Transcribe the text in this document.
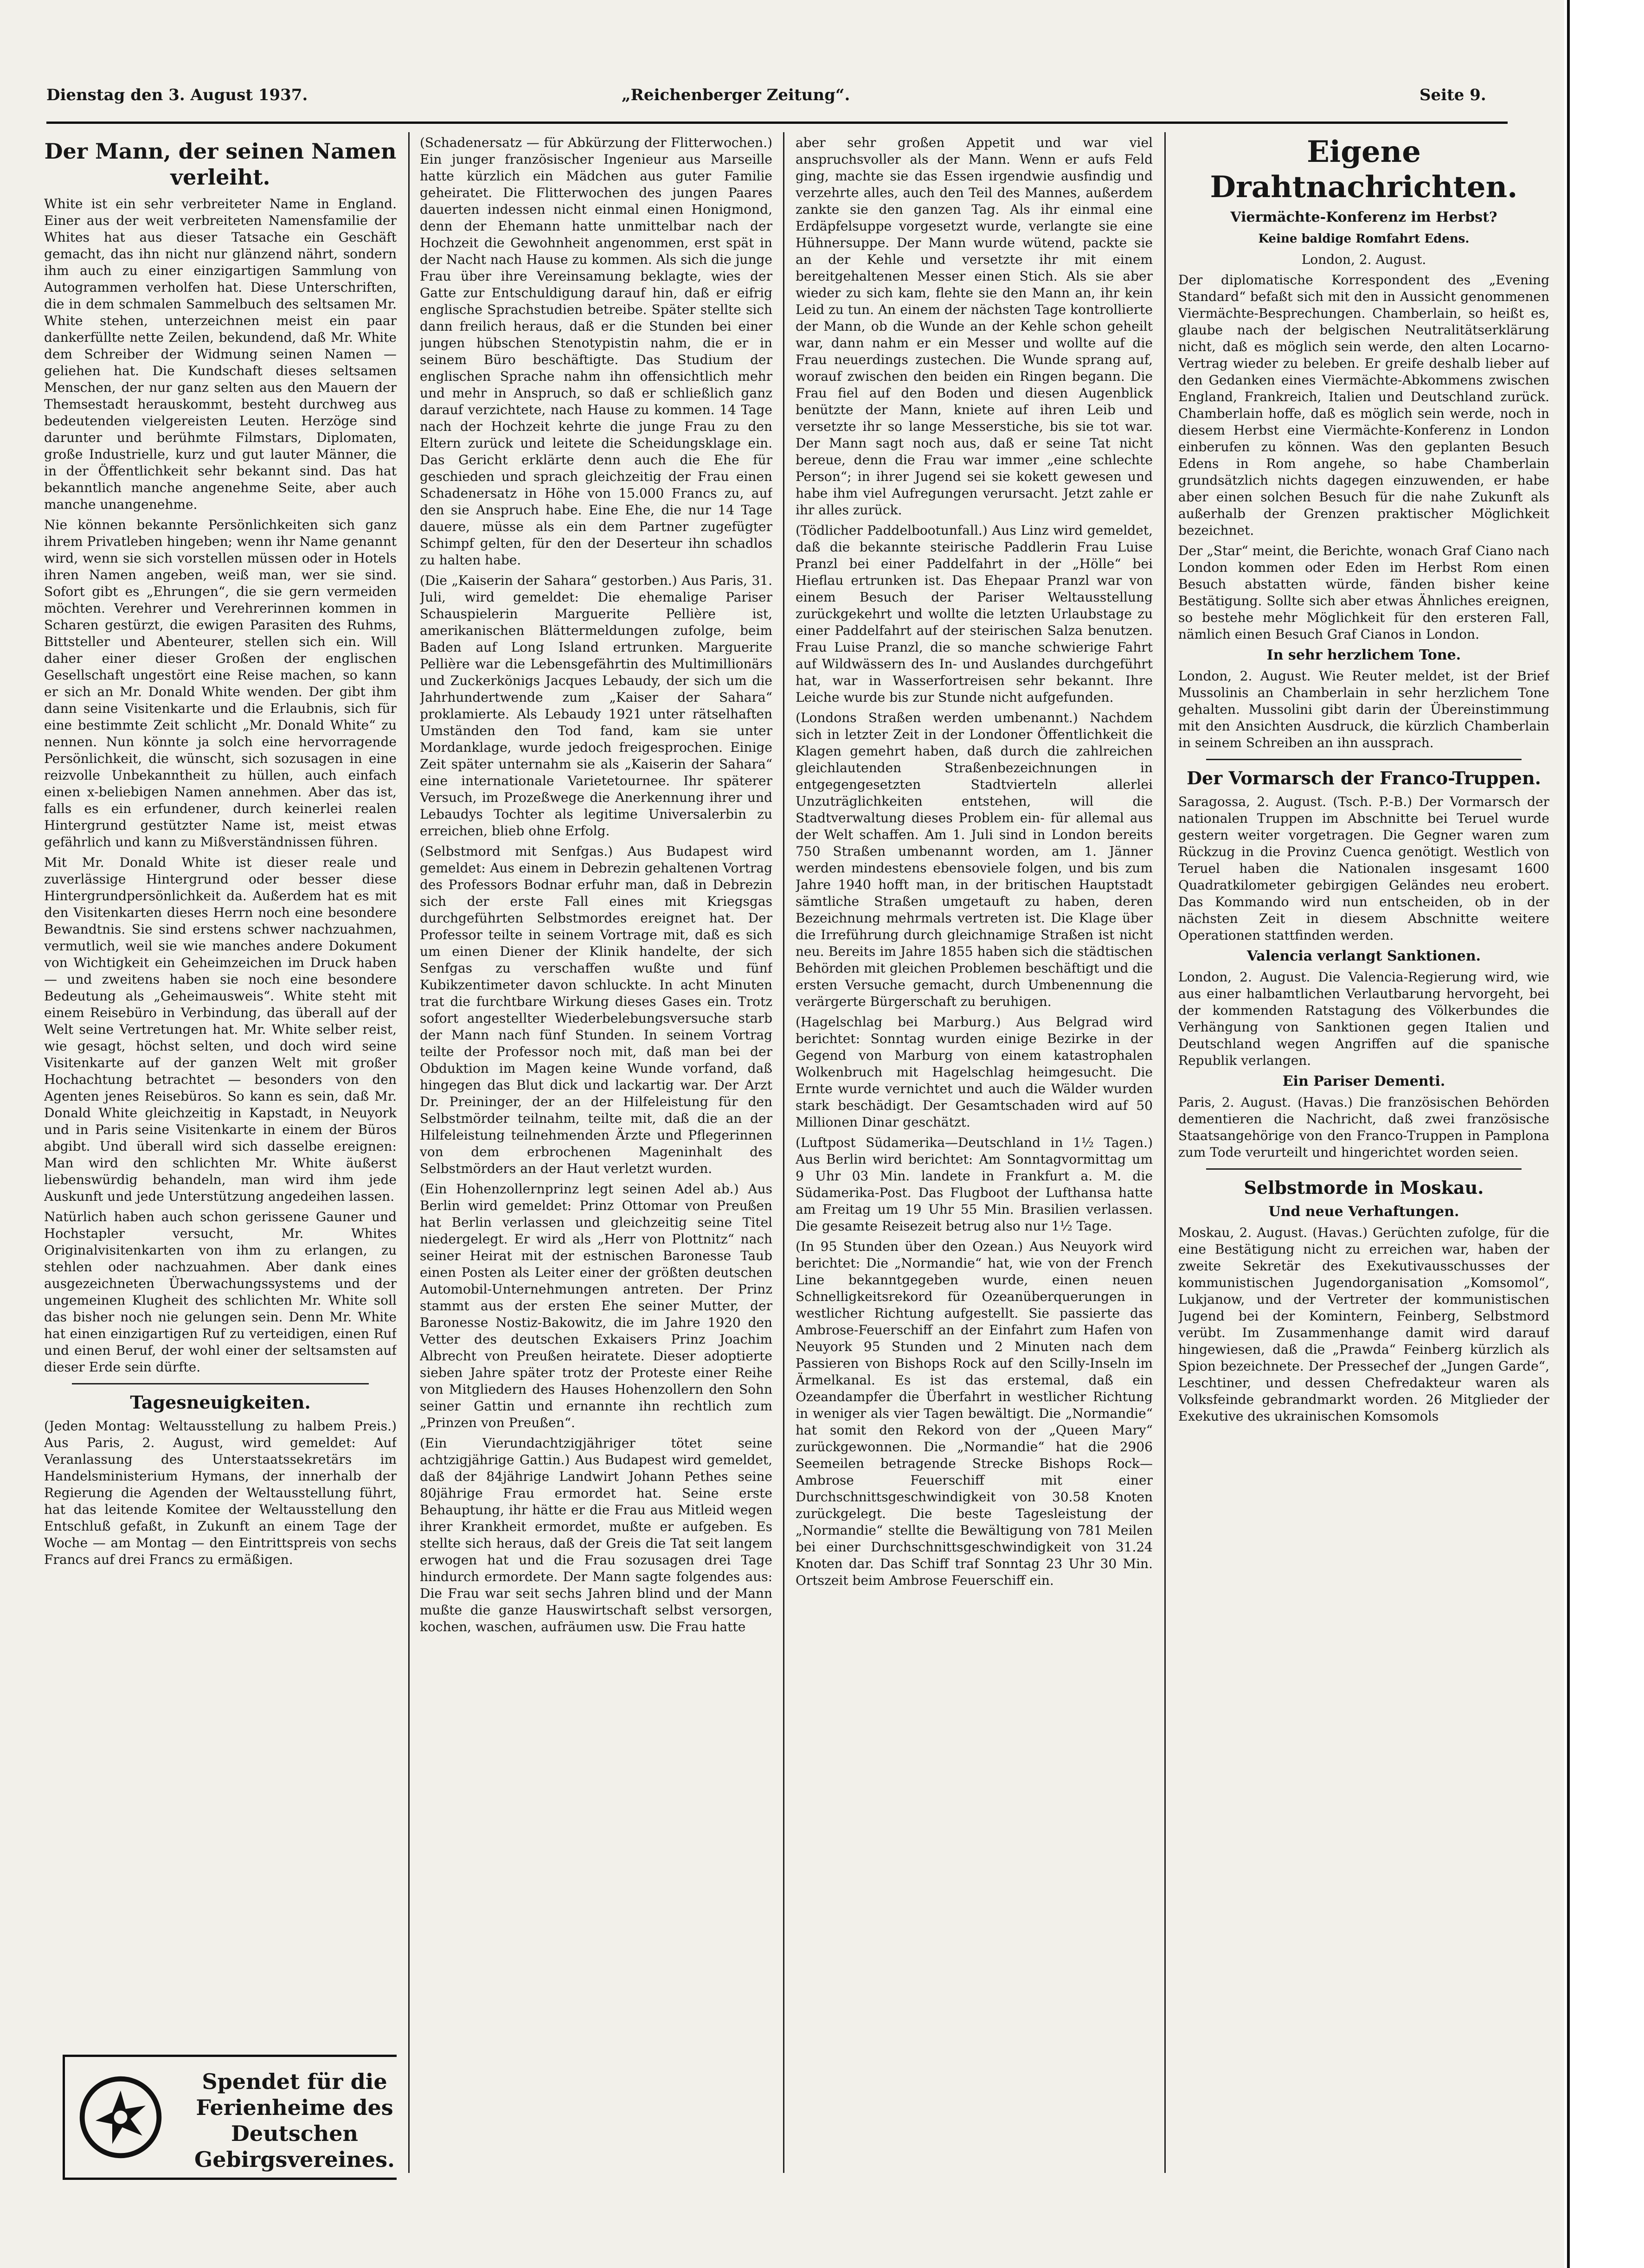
Dienstag den 3. August 1937.	„Reichenberger Zeitung“.	Seite 9.
Der Mann, der seinen Namen verleiht.

White ist ein sehr verbreiteter Name in England. Einer aus der weit verbreiteten Namensfamilie der Whites hat aus dieser Tatsache ein Geschäft gemacht, das ihn nicht nur glänzend nährt, sondern ihm auch zu einer einzigartigen Sammlung von Autogrammen verholfen hat. Diese Unterschriften, die in dem schmalen Sammelbuch des seltsamen Mr. White stehen, unterzeichnen meist ein paar dankerfüllte nette Zeilen, bekundend, daß Mr. White dem Schreiber der Widmung seinen Namen — geliehen hat. Die Kundschaft dieses seltsamen Menschen, der nur ganz selten aus den Mauern der Themsestadt herauskommt, besteht durchweg aus bedeutenden vielgereisten Leuten. Herzöge sind darunter und berühmte Filmstars, Diplomaten, große Industrielle, kurz und gut lauter Männer, die in der Öffentlichkeit sehr bekannt sind. Das hat bekanntlich manche angenehme Seite, aber auch manche unangenehme.

Nie können bekannte Persönlichkeiten sich ganz ihrem Privatleben hingeben; wenn ihr Name genannt wird, wenn sie sich vorstellen müssen oder in Hotels ihren Namen angeben, weiß man, wer sie sind. Sofort gibt es „Ehrungen“, die sie gern vermeiden möchten. Verehrer und Verehrerinnen kommen in Scharen gestürzt, die ewigen Parasiten des Ruhms, Bittsteller und Abenteurer, stellen sich ein. Will daher einer dieser Großen der englischen Gesellschaft ungestört eine Reise machen, so kann er sich an Mr. Donald White wenden. Der gibt ihm dann seine Visitenkarte und die Erlaubnis, sich für eine bestimmte Zeit schlicht „Mr. Donald White“ zu nennen. Nun könnte ja solch eine hervorragende Persönlichkeit, die wünscht, sich sozusagen in eine reizvolle Unbekanntheit zu hüllen, auch einfach einen x-beliebigen Namen annehmen. Aber das ist, falls es ein erfundener, durch keinerlei realen Hintergrund gestützter Name ist, meist etwas gefährlich und kann zu Mißverständnissen führen.

Mit Mr. Donald White ist dieser reale und zuverlässige Hintergrund oder besser diese Hintergrundpersönlichkeit da. Außerdem hat es mit den Visitenkarten dieses Herrn noch eine besondere Bewandtnis. Sie sind erstens schwer nachzuahmen, vermutlich, weil sie wie manches andere Dokument von Wichtigkeit ein Geheimzeichen im Druck haben — und zweitens haben sie noch eine besondere Bedeutung als „Geheimausweis“. White steht mit einem Reisebüro in Verbindung, das überall auf der Welt seine Vertretungen hat. Mr. White selber reist, wie gesagt, höchst selten, und doch wird seine Visitenkarte auf der ganzen Welt mit großer Hochachtung betrachtet — besonders von den Agenten jenes Reisebüros. So kann es sein, daß Mr. Donald White gleichzeitig in Kapstadt, in Neuyork und in Paris seine Visitenkarte in einem der Büros abgibt. Und überall wird sich dasselbe ereignen: Man wird den schlichten Mr. White äußerst liebenswürdig behandeln, man wird ihm jede Auskunft und jede Unterstützung angedeihen lassen.

Natürlich haben auch schon gerissene Gauner und Hochstapler versucht, Mr. Whites Originalvisitenkarten von ihm zu erlangen, zu stehlen oder nachzuahmen. Aber dank eines ausgezeichneten Überwachungssystems und der ungemeinen Klugheit des schlichten Mr. White soll das bisher noch nie gelungen sein. Denn Mr. White hat einen einzigartigen Ruf zu verteidigen, einen Ruf und einen Beruf, der wohl einer der seltsamsten auf dieser Erde sein dürfte.

Tagesneuigkeiten.

(Jeden Montag: Weltausstellung zu halbem Preis.) Aus Paris, 2. August, wird gemeldet: Auf Veranlassung des Unterstaatssekretärs im Handelsministerium Hymans, der innerhalb der Regierung die Agenden der Weltausstellung führt, hat das leitende Komitee der Weltausstellung den Entschluß gefaßt, in Zukunft an einem Tage der Woche — am Montag — den Eintrittspreis von sechs Francs auf drei Francs zu ermäßigen.

Spendet für die Ferienheime des Deutschen Gebirgsvereines.

(Schadenersatz — für Abkürzung der Flitterwochen.) Ein junger französischer Ingenieur aus Marseille hatte kürzlich ein Mädchen aus guter Familie geheiratet. Die Flitterwochen des jungen Paares dauerten indessen nicht einmal einen Honigmond, denn der Ehemann hatte unmittelbar nach der Hochzeit die Gewohnheit angenommen, erst spät in der Nacht nach Hause zu kommen. Als sich die junge Frau über ihre Vereinsamung beklagte, wies der Gatte zur Entschuldigung darauf hin, daß er eifrig englische Sprachstudien betreibe. Später stellte sich dann freilich heraus, daß er die Stunden bei einer jungen hübschen Stenotypistin nahm, die er in seinem Büro beschäftigte. Das Studium der englischen Sprache nahm ihn offensichtlich mehr und mehr in Anspruch, so daß er schließlich ganz darauf verzichtete, nach Hause zu kommen. 14 Tage nach der Hochzeit kehrte die junge Frau zu den Eltern zurück und leitete die Scheidungsklage ein. Das Gericht erklärte denn auch die Ehe für geschieden und sprach gleichzeitig der Frau einen Schadenersatz in Höhe von 15.000 Francs zu, auf den sie Anspruch habe. Eine Ehe, die nur 14 Tage dauere, müsse als ein dem Partner zugefügter Schimpf gelten, für den der Deserteur ihn schadlos zu halten habe.

(Die „Kaiserin der Sahara“ gestorben.) Aus Paris, 31. Juli, wird gemeldet: Die ehemalige Pariser Schauspielerin Marguerite Pellière ist, amerikanischen Blättermeldungen zufolge, beim Baden auf Long Island ertrunken. Marguerite Pellière war die Lebensgefährtin des Multimillionärs und Zuckerkönigs Jacques Lebaudy, der sich um die Jahrhundertwende zum „Kaiser der Sahara“ proklamierte. Als Lebaudy 1921 unter rätselhaften Umständen den Tod fand, kam sie unter Mordanklage, wurde jedoch freigesprochen. Einige Zeit später unternahm sie als „Kaiserin der Sahara“ eine internationale Varietetournee. Ihr späterer Versuch, im Prozeßwege die Anerkennung ihrer und Lebaudys Tochter als legitime Universalerbin zu erreichen, blieb ohne Erfolg.

(Selbstmord mit Senfgas.) Aus Budapest wird gemeldet: Aus einem in Debrezin gehaltenen Vortrag des Professors Bodnar erfuhr man, daß in Debrezin sich der erste Fall eines mit Kriegsgas durchgeführten Selbstmordes ereignet hat. Der Professor teilte in seinem Vortrage mit, daß es sich um einen Diener der Klinik handelte, der sich Senfgas zu verschaffen wußte und fünf Kubikzentimeter davon schluckte. In acht Minuten trat die furchtbare Wirkung dieses Gases ein. Trotz sofort angestellter Wiederbelebungsversuche starb der Mann nach fünf Stunden. In seinem Vortrag teilte der Professor noch mit, daß man bei der Obduktion im Magen keine Wunde vorfand, daß hingegen das Blut dick und lackartig war. Der Arzt Dr. Preininger, der an der Hilfeleistung für den Selbstmörder teilnahm, teilte mit, daß die an der Hilfeleistung teilnehmenden Ärzte und Pflegerinnen von dem erbrochenen Mageninhalt des Selbstmörders an der Haut verletzt wurden.

(Ein Hohenzollernprinz legt seinen Adel ab.) Aus Berlin wird gemeldet: Prinz Ottomar von Preußen hat Berlin verlassen und gleichzeitig seine Titel niedergelegt. Er wird als „Herr von Plottnitz“ nach seiner Heirat mit der estnischen Baronesse Taub einen Posten als Leiter einer der größten deutschen Automobil-Unternehmungen antreten. Der Prinz stammt aus der ersten Ehe seiner Mutter, der Baronesse Nostiz-Bakowitz, die im Jahre 1920 den Vetter des deutschen Exkaisers Prinz Joachim Albrecht von Preußen heiratete. Dieser adoptierte sieben Jahre später trotz der Proteste einer Reihe von Mitgliedern des Hauses Hohenzollern den Sohn seiner Gattin und ernannte ihn rechtlich zum „Prinzen von Preußen“.

(Ein Vierundachtzigjähriger tötet seine achtzigjährige Gattin.) Aus Budapest wird gemeldet, daß der 84jährige Landwirt Johann Pethes seine 80jährige Frau ermordet hat. Seine erste Behauptung, ihr hätte er die Frau aus Mitleid wegen ihrer Krankheit ermordet, mußte er aufgeben. Es stellte sich heraus, daß der Greis die Tat seit langem erwogen hat und die Frau sozusagen drei Tage hindurch ermordete. Der Mann sagte folgendes aus: Die Frau war seit sechs Jahren blind und der Mann mußte die ganze Hauswirtschaft selbst versorgen, kochen, waschen, aufräumen usw. Die Frau hatte

aber sehr großen Appetit und war viel anspruchsvoller als der Mann. Wenn er aufs Feld ging, machte sie das Essen irgendwie ausfindig und verzehrte alles, auch den Teil des Mannes, außerdem zankte sie den ganzen Tag. Als ihr einmal eine Erdäpfelsuppe vorgesetzt wurde, verlangte sie eine Hühnersuppe. Der Mann wurde wütend, packte sie an der Kehle und versetzte ihr mit einem bereitgehaltenen Messer einen Stich. Als sie aber wieder zu sich kam, flehte sie den Mann an, ihr kein Leid zu tun. An einem der nächsten Tage kontrollierte der Mann, ob die Wunde an der Kehle schon geheilt war, dann nahm er ein Messer und wollte auf die Frau neuerdings zustechen. Die Wunde sprang auf, worauf zwischen den beiden ein Ringen begann. Die Frau fiel auf den Boden und diesen Augenblick benützte der Mann, kniete auf ihren Leib und versetzte ihr so lange Messerstiche, bis sie tot war. Der Mann sagt noch aus, daß er seine Tat nicht bereue, denn die Frau war immer „eine schlechte Person“; in ihrer Jugend sei sie kokett gewesen und habe ihm viel Aufregungen verursacht. Jetzt zahle er ihr alles zurück.

(Tödlicher Paddelbootunfall.) Aus Linz wird gemeldet, daß die bekannte steirische Paddlerin Frau Luise Pranzl bei einer Paddelfahrt in der „Hölle“ bei Hieflau ertrunken ist. Das Ehepaar Pranzl war von einem Besuch der Pariser Weltausstellung zurückgekehrt und wollte die letzten Urlaubstage zu einer Paddelfahrt auf der steirischen Salza benutzen. Frau Luise Pranzl, die so manche schwierige Fahrt auf Wildwässern des In- und Auslandes durchgeführt hat, war in Wasserfortreisen sehr bekannt. Ihre Leiche wurde bis zur Stunde nicht aufgefunden.

(Londons Straßen werden umbenannt.) Nachdem sich in letzter Zeit in der Londoner Öffentlichkeit die Klagen gemehrt haben, daß durch die zahlreichen gleichlautenden Straßenbezeichnungen in entgegengesetzten Stadtvierteln allerlei Unzuträglichkeiten entstehen, will die Stadtverwaltung dieses Problem ein- für allemal aus der Welt schaffen. Am 1. Juli sind in London bereits 750 Straßen umbenannt worden, am 1. Jänner werden mindestens ebensoviele folgen, und bis zum Jahre 1940 hofft man, in der britischen Hauptstadt sämtliche Straßen umgetauft zu haben, deren Bezeichnung mehrmals vertreten ist. Die Klage über die Irreführung durch gleichnamige Straßen ist nicht neu. Bereits im Jahre 1855 haben sich die städtischen Behörden mit gleichen Problemen beschäftigt und die ersten Versuche gemacht, durch Umbenennung die verärgerte Bürgerschaft zu beruhigen.

(Hagelschlag bei Marburg.) Aus Belgrad wird berichtet: Sonntag wurden einige Bezirke in der Gegend von Marburg von einem katastrophalen Wolkenbruch mit Hagelschlag heimgesucht. Die Ernte wurde vernichtet und auch die Wälder wurden stark beschädigt. Der Gesamtschaden wird auf 50 Millionen Dinar geschätzt.

(Luftpost Südamerika—Deutschland in 1½ Tagen.) Aus Berlin wird berichtet: Am Sonntagvormittag um 9 Uhr 03 Min. landete in Frankfurt a. M. die Südamerika-Post. Das Flugboot der Lufthansa hatte am Freitag um 19 Uhr 55 Min. Brasilien verlassen. Die gesamte Reisezeit betrug also nur 1½ Tage.

(In 95 Stunden über den Ozean.) Aus Neuyork wird berichtet: Die „Normandie“ hat, wie von der French Line bekanntgegeben wurde, einen neuen Schnelligkeitsrekord für Ozeanüberquerungen in westlicher Richtung aufgestellt. Sie passierte das Ambrose-Feuerschiff an der Einfahrt zum Hafen von Neuyork 95 Stunden und 2 Minuten nach dem Passieren von Bishops Rock auf den Scilly-Inseln im Ärmelkanal. Es ist das erstemal, daß ein Ozeandampfer die Überfahrt in westlicher Richtung in weniger als vier Tagen bewältigt. Die „Normandie“ hat somit den Rekord von der „Queen Mary“ zurückgewonnen. Die „Normandie“ hat die 2906 Seemeilen betragende Strecke Bishops Rock—Ambrose Feuerschiff mit einer Durchschnittsgeschwindigkeit von 30.58 Knoten zurückgelegt. Die beste Tagesleistung der „Normandie“ stellte die Bewältigung von 781 Meilen bei einer Durchschnittsgeschwindigkeit von 31.24 Knoten dar. Das Schiff traf Sonntag 23 Uhr 30 Min. Ortszeit beim Ambrose Feuerschiff ein.

Eigene Drahtnachrichten.
Viermächte-Konferenz im Herbst?
Keine baldige Romfahrt Edens.
London, 2. August.

Der diplomatische Korrespondent des „Evening Standard“ befaßt sich mit den in Aussicht genommenen Viermächte-Besprechungen. Chamberlain, so heißt es, glaube nach der belgischen Neutralitätserklärung nicht, daß es möglich sein werde, den alten Locarno-Vertrag wieder zu beleben. Er greife deshalb lieber auf den Gedanken eines Viermächte-Abkommens zwischen England, Frankreich, Italien und Deutschland zurück. Chamberlain hoffe, daß es möglich sein werde, noch in diesem Herbst eine Viermächte-Konferenz in London einberufen zu können. Was den geplanten Besuch Edens in Rom angehe, so habe Chamberlain grundsätzlich nichts dagegen einzuwenden, er habe aber einen solchen Besuch für die nahe Zukunft als außerhalb der Grenzen praktischer Möglichkeit bezeichnet.

Der „Star“ meint, die Berichte, wonach Graf Ciano nach London kommen oder Eden im Herbst Rom einen Besuch abstatten würde, fänden bisher keine Bestätigung. Sollte sich aber etwas Ähnliches ereignen, so bestehe mehr Möglichkeit für den ersteren Fall, nämlich einen Besuch Graf Cianos in London.

In sehr herzlichem Tone.

London, 2. August. Wie Reuter meldet, ist der Brief Mussolinis an Chamberlain in sehr herzlichem Tone gehalten. Mussolini gibt darin der Übereinstimmung mit den Ansichten Ausdruck, die kürzlich Chamberlain in seinem Schreiben an ihn aussprach.

Der Vormarsch der Franco-Truppen.

Saragossa, 2. August. (Tsch. P.-B.) Der Vormarsch der nationalen Truppen im Abschnitte bei Teruel wurde gestern weiter vorgetragen. Die Gegner waren zum Rückzug in die Provinz Cuenca genötigt. Westlich von Teruel haben die Nationalen insgesamt 1600 Quadratkilometer gebirgigen Geländes neu erobert. Das Kommando wird nun entscheiden, ob in der nächsten Zeit in diesem Abschnitte weitere Operationen stattfinden werden.

Valencia verlangt Sanktionen.

London, 2. August. Die Valencia-Regierung wird, wie aus einer halbamtlichen Verlautbarung hervorgeht, bei der kommenden Ratstagung des Völkerbundes die Verhängung von Sanktionen gegen Italien und Deutschland wegen Angriffen auf die spanische Republik verlangen.

Ein Pariser Dementi.

Paris, 2. August. (Havas.) Die französischen Behörden dementieren die Nachricht, daß zwei französische Staatsangehörige von den Franco-Truppen in Pamplona zum Tode verurteilt und hingerichtet worden seien.

Selbstmorde in Moskau.
Und neue Verhaftungen.

Moskau, 2. August. (Havas.) Gerüchten zufolge, für die eine Bestätigung nicht zu erreichen war, haben der zweite Sekretär des Exekutivausschusses der kommunistischen Jugendorganisation „Komsomol“, Lukjanow, und der Vertreter der kommunistischen Jugend bei der Komintern, Feinberg, Selbstmord verübt. Im Zusammenhange damit wird darauf hingewiesen, daß die „Prawda“ Feinberg kürzlich als Spion bezeichnete. Der Pressechef der „Jungen Garde“, Leschtiner, und dessen Chefredakteur waren als Volksfeinde gebrandmarkt worden. 26 Mitglieder der Exekutive des ukrainischen Komsomols
